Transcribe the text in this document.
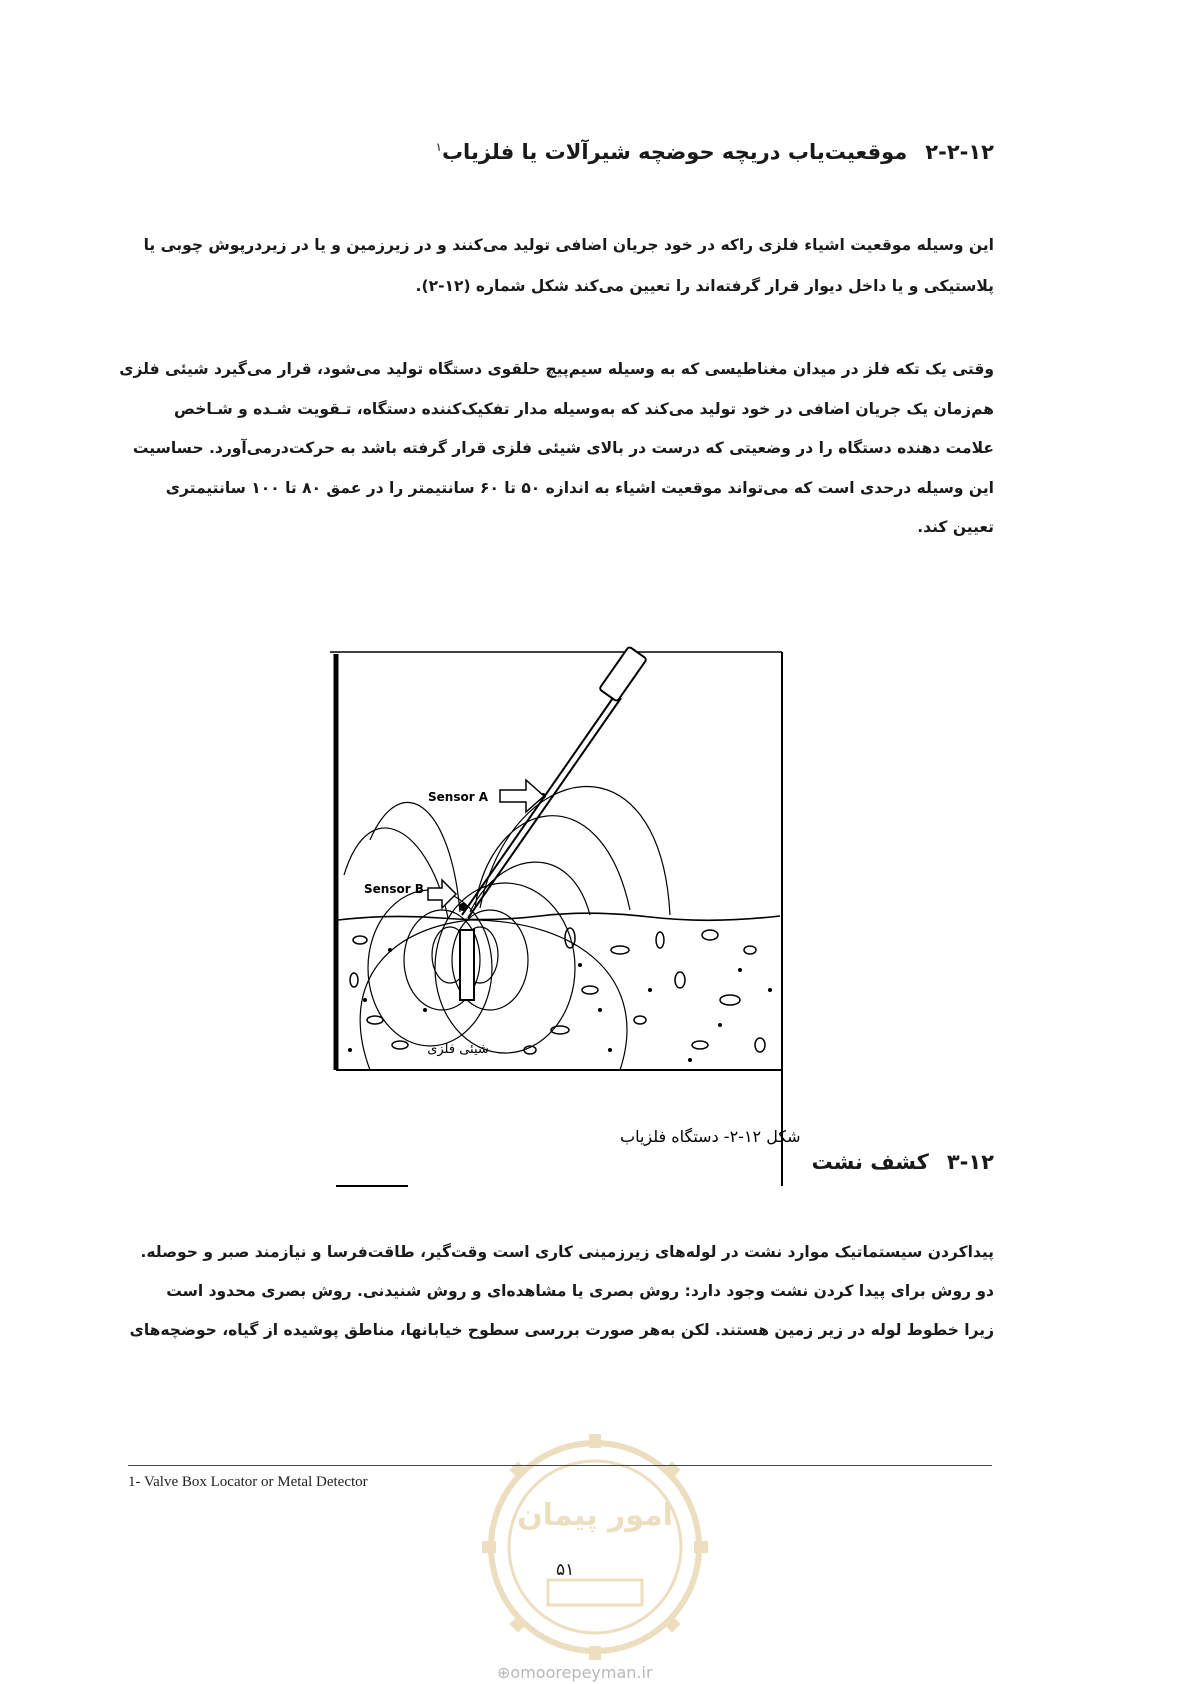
۲-۲-۱۲موقعیت‌یاب دریچه حوضچه شیرآلات یا فلزیاب$^۱$
این وسیله موقعیت اشیاء فلزی راکه در خود جریان اضافی تولید می‌کنند و در زیرزمین و یا در زیردرپوش چوبی یا
پلاستیکی و یا داخل دیوار قرار گرفته‌اند را تعیین می‌کند شکل شماره (۱۲-۲).
وقتی یک تکه فلز در میدان مغناطیسی که به وسیله سیم‌پیچ حلقوی دستگاه تولید می‌شود، قرار می‌گیرد شیئی فلزی
هم‌زمان یک جریان اضافی در خود تولید می‌کند که به‌وسیله مدار تفکیک‌کننده دستگاه، تـقویت شـده و شـاخص
علامت دهنده دستگاه را در وضعیتی که درست در بالای شیئی فلزی قرار گرفته باشد به حرکت‌درمی‌آورد. حساسیت
این وسیله درحدی است که می‌تواند موقعیت اشیاء به اندازه ۵۰ تا ۶۰ سانتیمتر را در عمق ۸۰ تا ۱۰۰ سانتیمتری
تعیین کند.
Sensor A
Sensor B
شیئی فلزی
شکل ۱۲-۲- دستگاه فلزیاب
۳-۱۲کشف نشت
پیداکردن سیستماتیک موارد نشت در لوله‌های زیرزمینی کاری است وقت‌گیر، طاقت‌فرسا و نیازمند صبر و حوصله.
دو روش برای پیدا کردن نشت وجود دارد: روش بصری یا مشاهده‌ای و روش شنیدنی. روش بصری محدود است
زیرا خطوط لوله در زیر زمین هستند. لکن به‌هر صورت بررسی سطوح خیابانها، مناطق پوشیده از گیاه، حوضچه‌های
امور پیمان
1- Valve Box Locator or Metal Detector
۵۱
⊕omoorepeyman.ir
